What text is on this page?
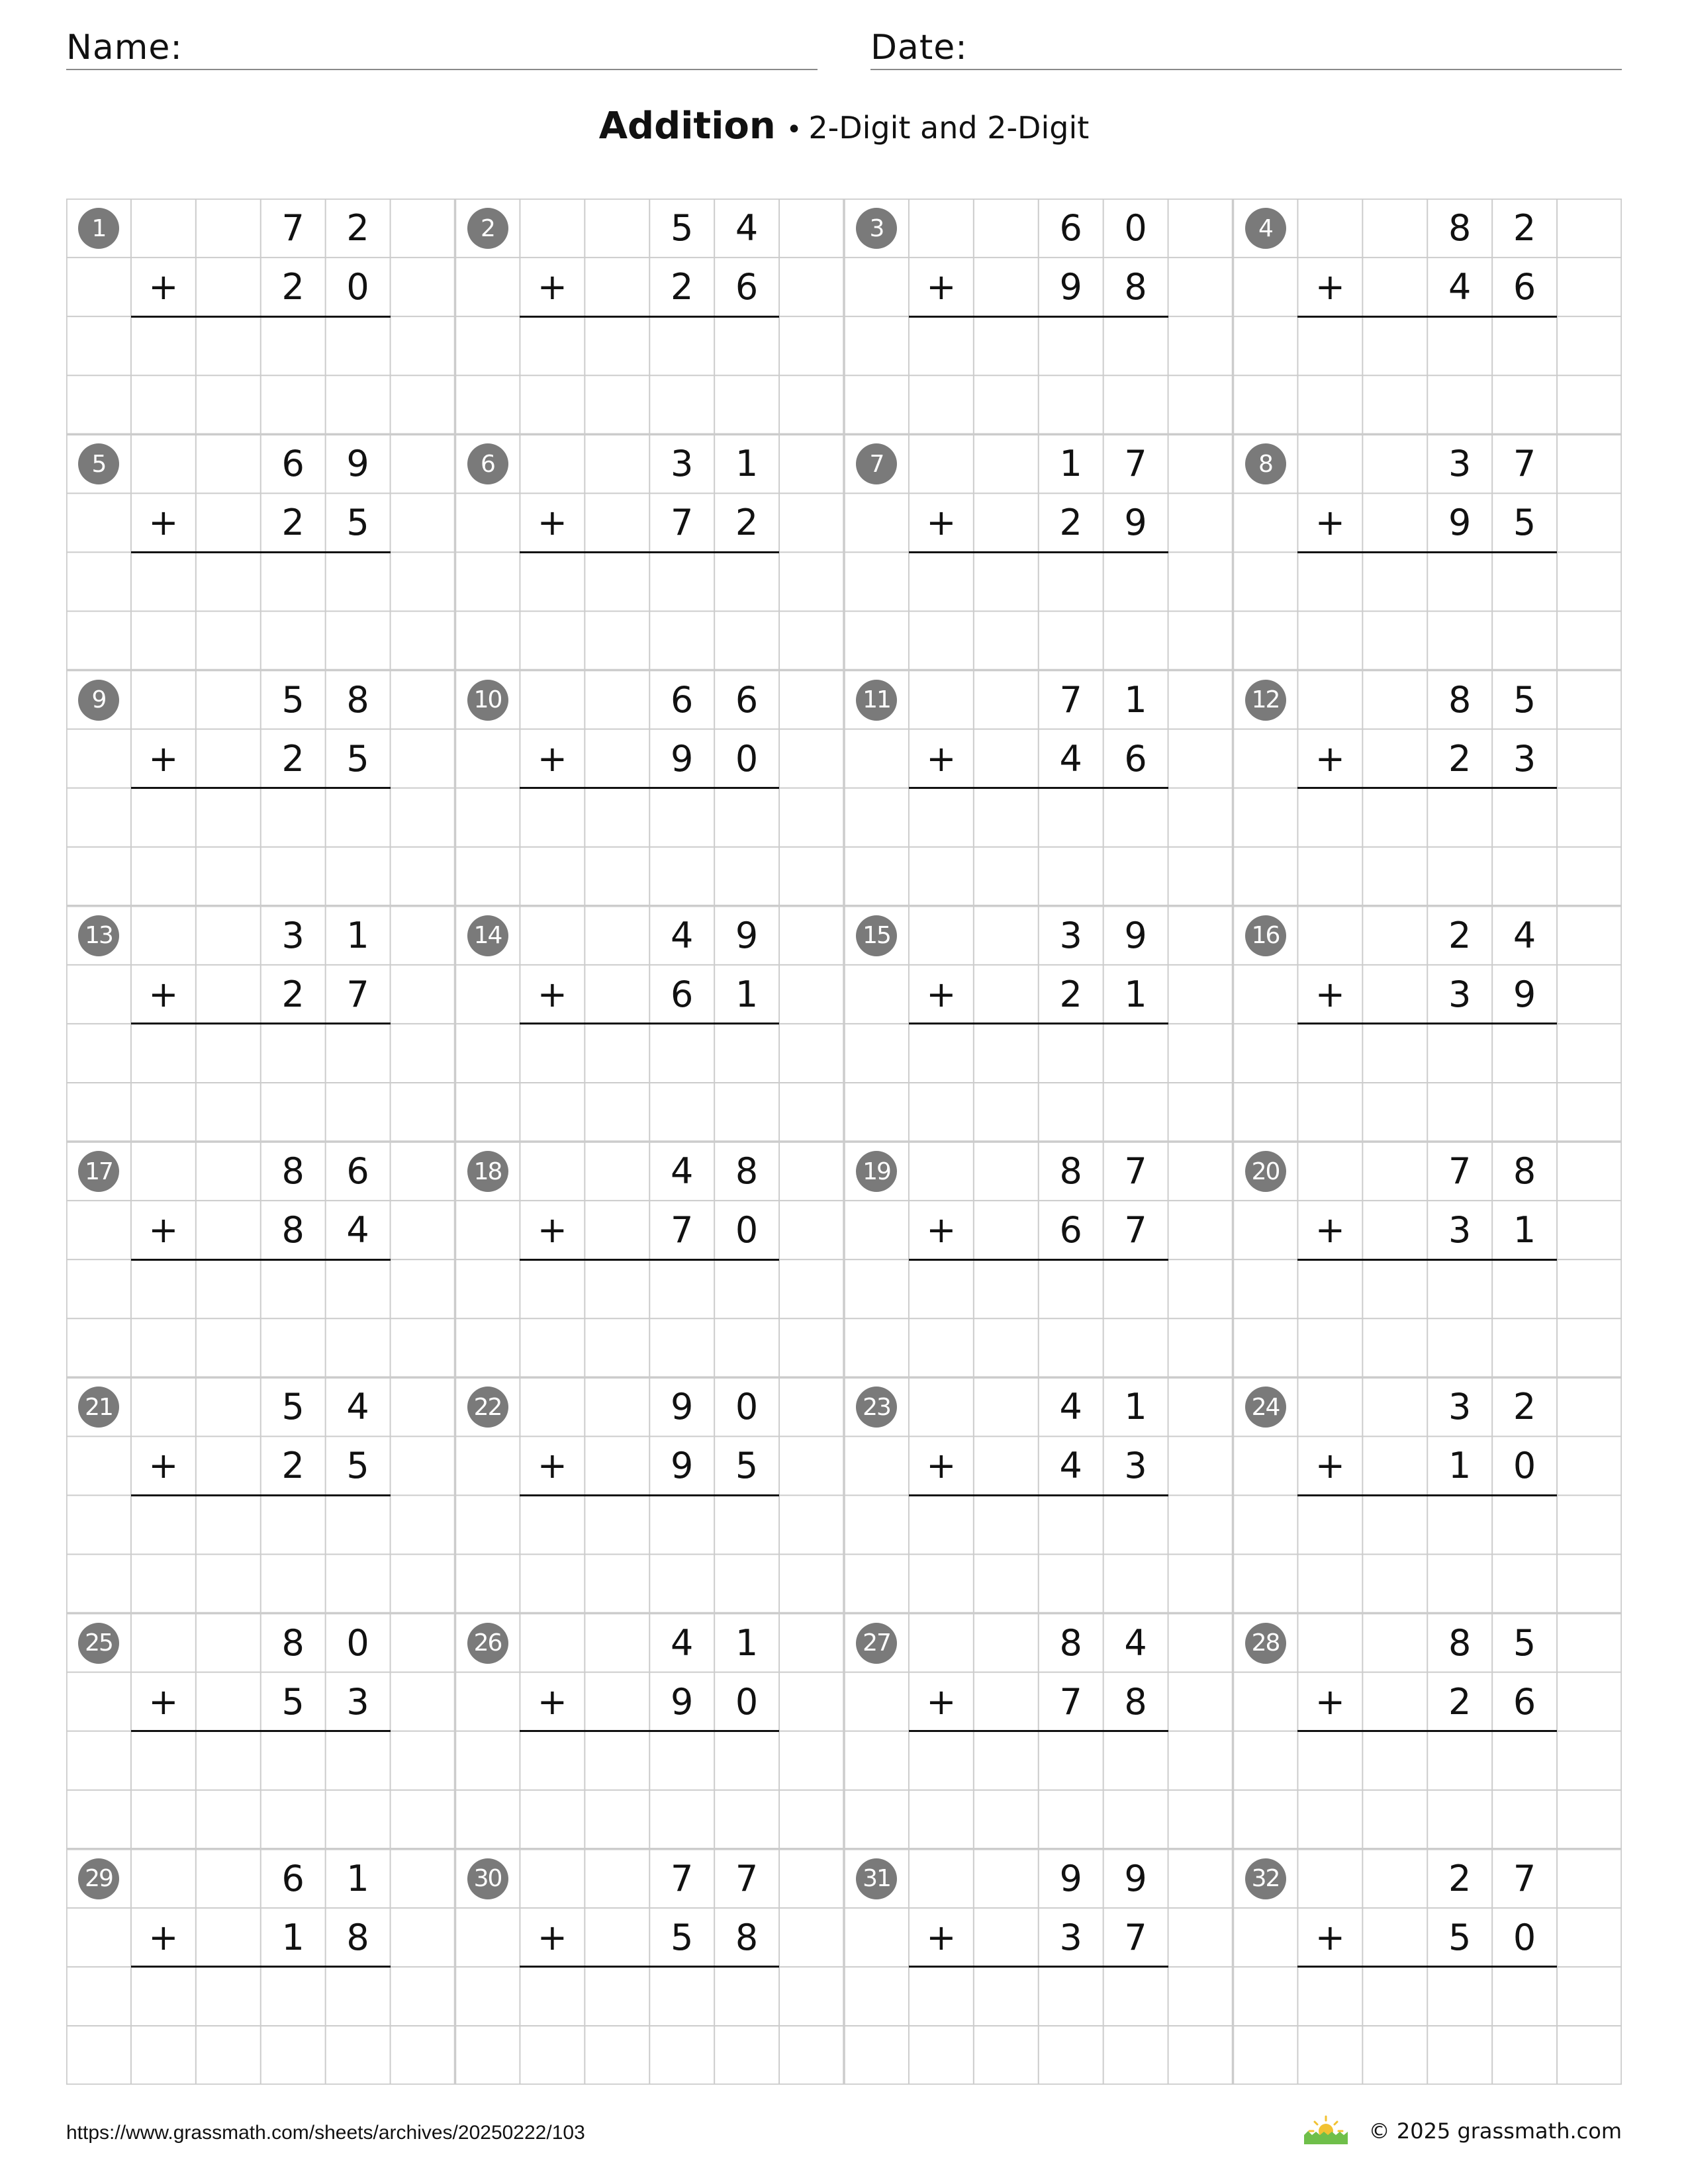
Name:	Date:
Addition • 2-Digit and 2-Digit
1	7	2
+	2	0
2	5	4
+	2	6
3	6	0
+	9	8
4	8	2
+	4	6
5	6	9
+	2	5
6	3	1
+	7	2
7	1	7
+	2	9
8	3	7
+	9	5
9	5	8
+	2	5
10	6	6
+	9	0
11	7	1
+	4	6
12	8	5
+	2	3
13	3	1
+	2	7
14	4	9
+	6	1
15	3	9
+	2	1
16	2	4
+	3	9
17	8	6
+	8	4
18	4	8
+	7	0
19	8	7
+	6	7
20	7	8
+	3	1
21	5	4
+	2	5
22	9	0
+	9	5
23	4	1
+	4	3
24	3	2
+	1	0
25	8	0
+	5	3
26	4	1
+	9	0
27	8	4
+	7	8
28	8	5
+	2	6
29	6	1
+	1	8
30	7	7
+	5	8
31	9	9
+	3	7
32	2	7
+	5	0
https://www.grassmath.com/sheets/archives/20250222/103	© 2025 grassmath.com
